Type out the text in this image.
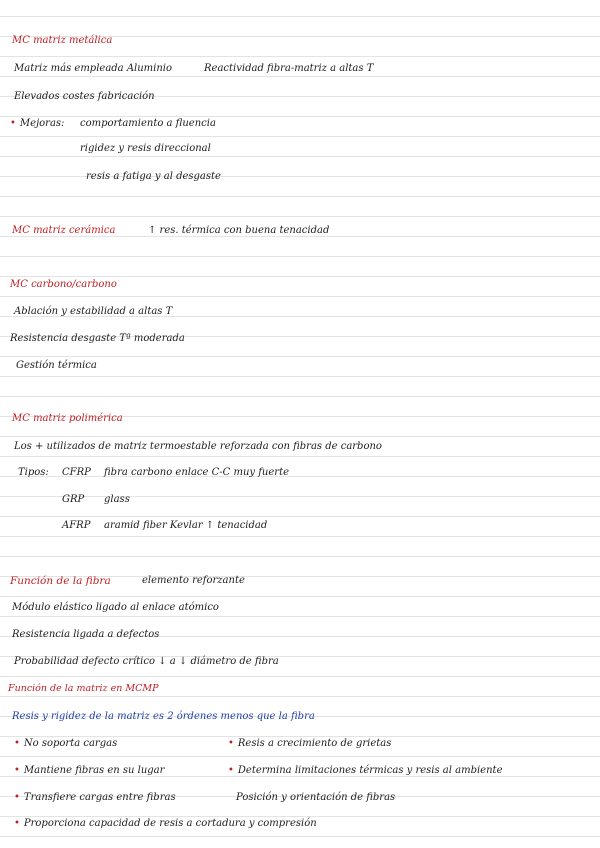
MC matriz metálica
Matriz más empleada Aluminio	Reactividad fibra-matriz a altas T
Elevados costes fabricación
• Mejoras: comportamiento a fluencia
rigidez y resis direccional
resis a fatiga y al desgaste
MC matriz cerámica	↑ res. térmica con buena tenacidad
MC carbono/carbono
Ablación y estabilidad a altas T
Resistencia desgaste Tª moderada
Gestión térmica
MC matriz polimérica
Los + utilizados de matriz termoestable reforzada con fibras de carbono
Tipos: CFRP fibra carbono enlace C-C muy fuerte
GRP glass
AFRP aramid fiber Kevlar ↑ tenacidad
Función de la fibra	elemento reforzante
Módulo elástico ligado al enlace atómico
Resistencia ligada a defectos
Probabilidad defecto crítico ↓ a ↓ diámetro de fibra
Función de la matriz en MCMP
Resis y rigidez de la matriz es 2 órdenes menos que la fibra
• No soporta cargas	• Resis a crecimiento de grietas
• Mantiene fibras en su lugar	• Determina limitaciones térmicas y resis al ambiente
• Transfiere cargas entre fibras	Posición y orientación de fibras
• Proporciona capacidad de resis a cortadura y compresión
